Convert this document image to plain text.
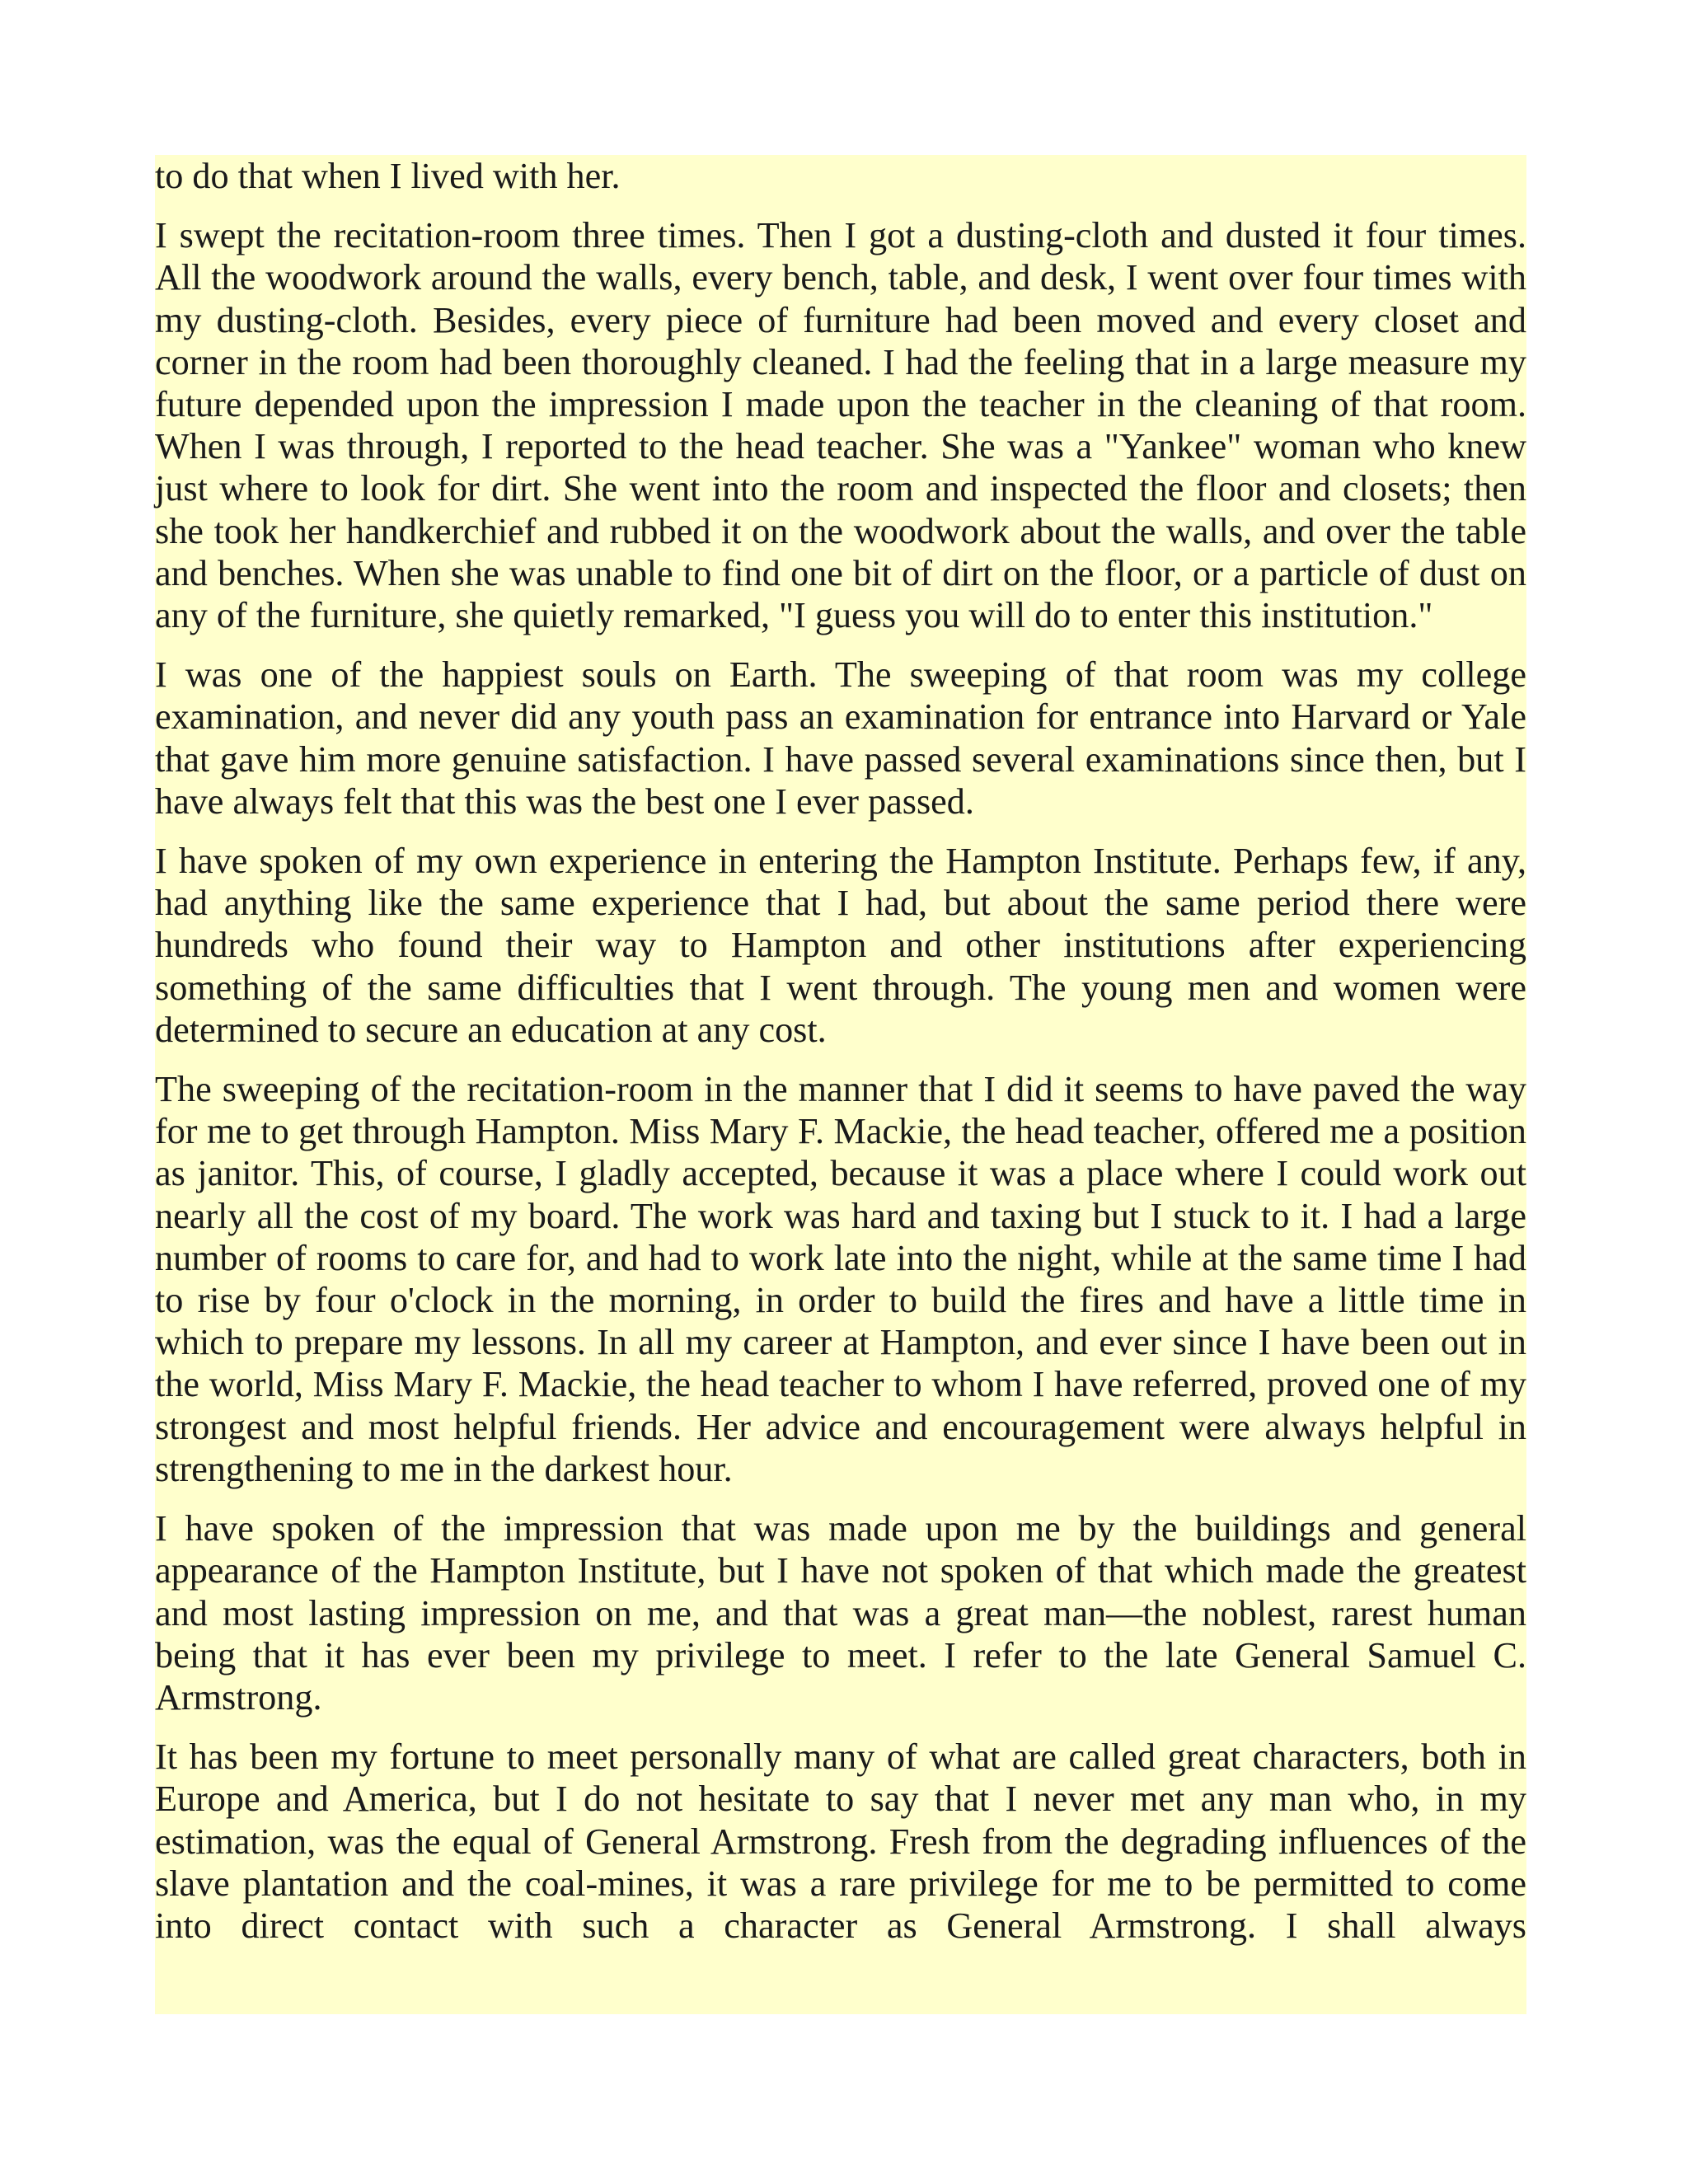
to do that when I lived with her.

I swept the recitation-room three times. Then I got a dusting-cloth and dusted it four times. All the woodwork around the walls, every bench, table, and desk, I went over four times with my dusting-cloth. Besides, every piece of furniture had been moved and every closet and corner in the room had been thoroughly cleaned. I had the feeling that in a large measure my future depended upon the impression I made upon the teacher in the cleaning of that room. When I was through, I reported to the head teacher. She was a "Yankee" woman who knew just where to look for dirt. She went into the room and inspected the floor and closets; then she took her handkerchief and rubbed it on the woodwork about the walls, and over the table and benches. When she was unable to find one bit of dirt on the floor, or a particle of dust on any of the furniture, she quietly remarked, "I guess you will do to enter this institution."

I was one of the happiest souls on Earth. The sweeping of that room was my college examination, and never did any youth pass an examination for entrance into Harvard or Yale that gave him more genuine satisfaction. I have passed several examinations since then, but I have always felt that this was the best one I ever passed.

I have spoken of my own experience in entering the Hampton Institute. Perhaps few, if any, had anything like the same experience that I had, but about the same period there were hundreds who found their way to Hampton and other institutions after experiencing something of the same difficulties that I went through. The young men and women were determined to secure an education at any cost.

The sweeping of the recitation-room in the manner that I did it seems to have paved the way for me to get through Hampton. Miss Mary F. Mackie, the head teacher, offered me a position as janitor. This, of course, I gladly accepted, because it was a place where I could work out nearly all the cost of my board. The work was hard and taxing but I stuck to it. I had a large number of rooms to care for, and had to work late into the night, while at the same time I had to rise by four o'clock in the morning, in order to build the fires and have a little time in which to prepare my lessons. In all my career at Hampton, and ever since I have been out in the world, Miss Mary F. Mackie, the head teacher to whom I have referred, proved one of my strongest and most helpful friends. Her advice and encouragement were always helpful in strengthening to me in the darkest hour.

I have spoken of the impression that was made upon me by the buildings and general appearance of the Hampton Institute, but I have not spoken of that which made the greatest and most lasting impression on me, and that was a great man—the noblest, rarest human being that it has ever been my privilege to meet. I refer to the late General Samuel C. Armstrong.

It has been my fortune to meet personally many of what are called great characters, both in Europe and America, but I do not hesitate to say that I never met any man who, in my estimation, was the equal of General Armstrong. Fresh from the degrading influences of the slave plantation and the coal-mines, it was a rare privilege for me to be permitted to come into direct contact with such a character as General Armstrong. I shall always
